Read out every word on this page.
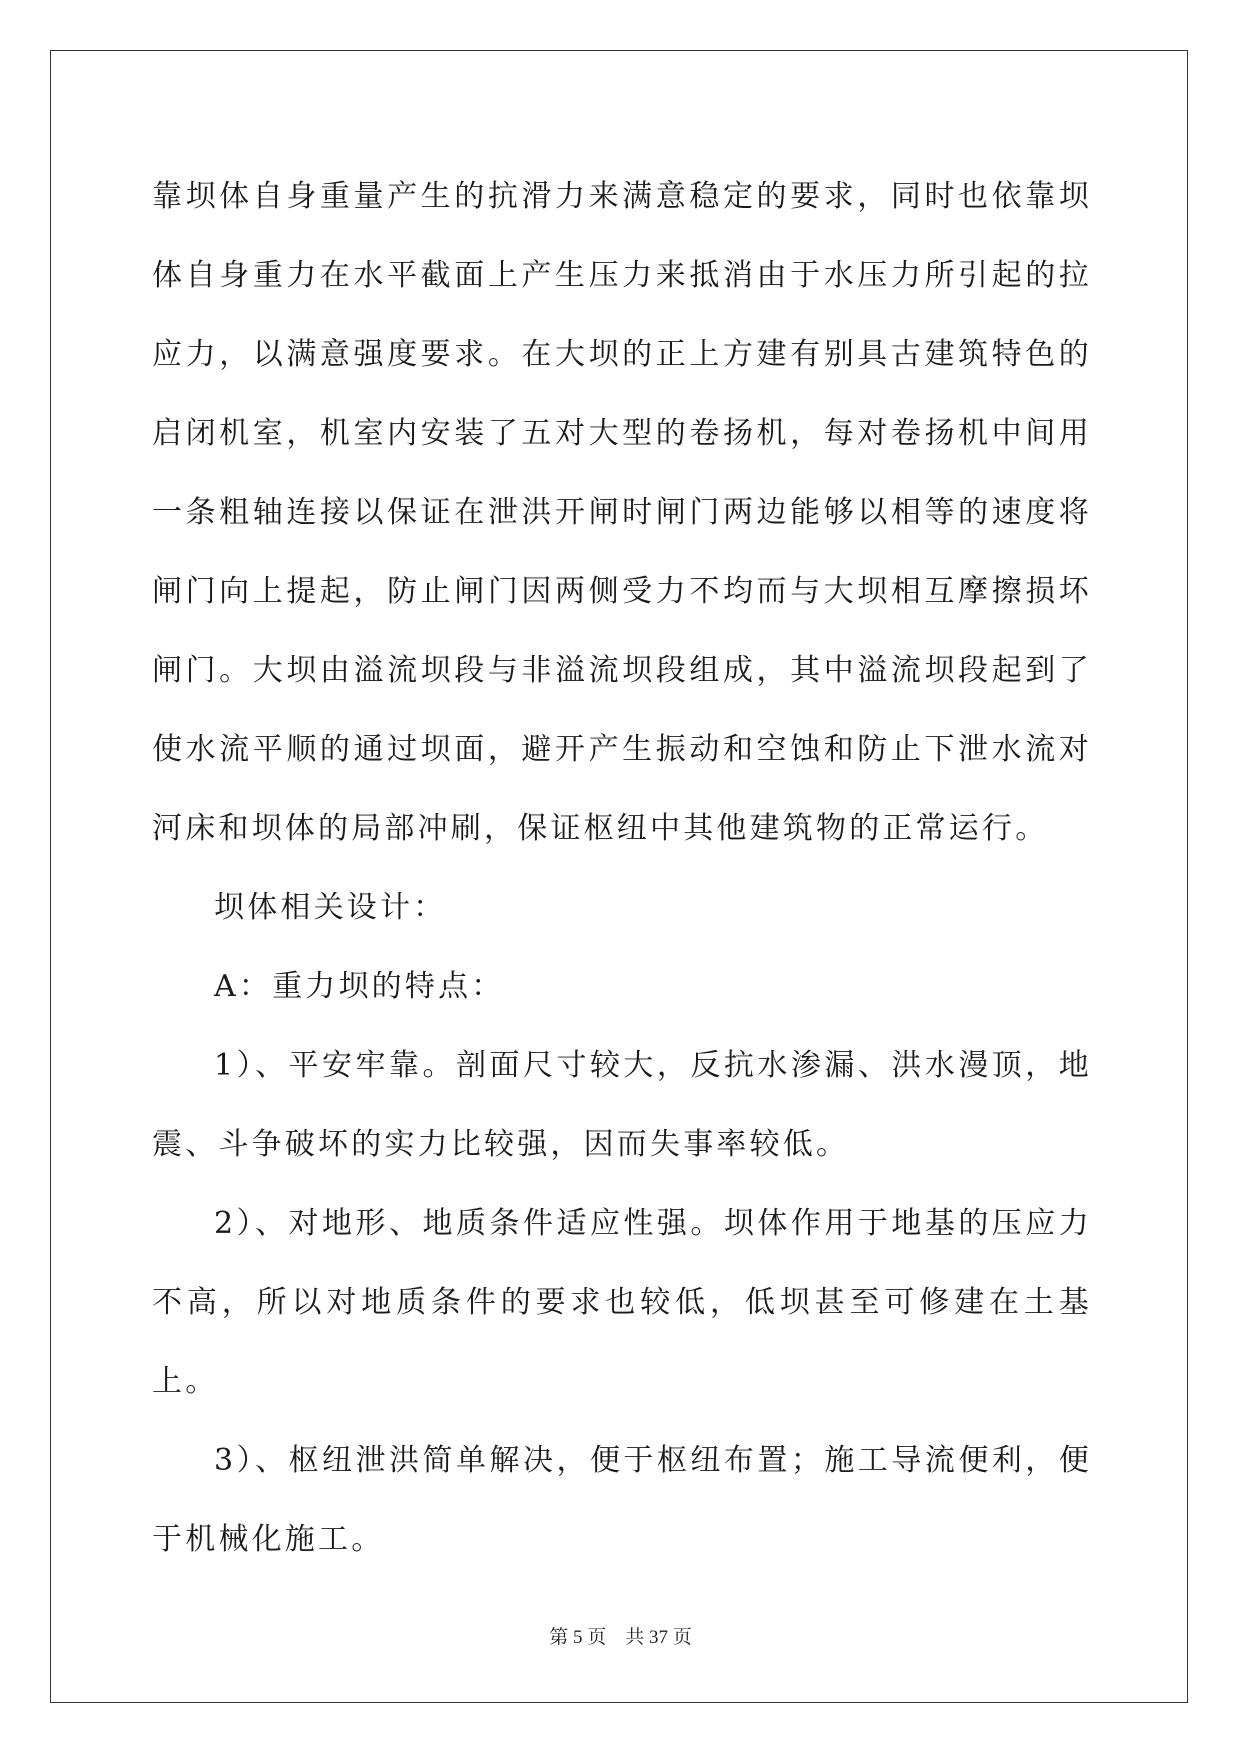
靠坝体自身重量产生的抗滑力来满意稳定的要求，同时也依靠坝体自身重力在水平截面上产生压力来抵消由于水压力所引起的拉应力，以满意强度要求。在大坝的正上方建有别具古建筑特色的启闭机室，机室内安装了五对大型的卷扬机，每对卷扬机中间用一条粗轴连接以保证在泄洪开闸时闸门两边能够以相等的速度将闸门向上提起，防止闸门因两侧受力不均而与大坝相互摩擦损坏闸门。大坝由溢流坝段与非溢流坝段组成，其中溢流坝段起到了使水流平顺的通过坝面，避开产生振动和空蚀和防止下泄水流对河床和坝体的局部冲刷，保证枢纽中其他建筑物的正常运行。

坝体相关设计：

A：重力坝的特点：

1）、平安牢靠。剖面尺寸较大，反抗水渗漏、洪水漫顶，地震、斗争破坏的实力比较强，因而失事率较低。

2）、对地形、地质条件适应性强。坝体作用于地基的压应力不高，所以对地质条件的要求也较低，低坝甚至可修建在土基上。

3）、枢纽泄洪简单解决，便于枢纽布置；施工导流便利，便于机械化施工。

第 5 页 共 37 页
